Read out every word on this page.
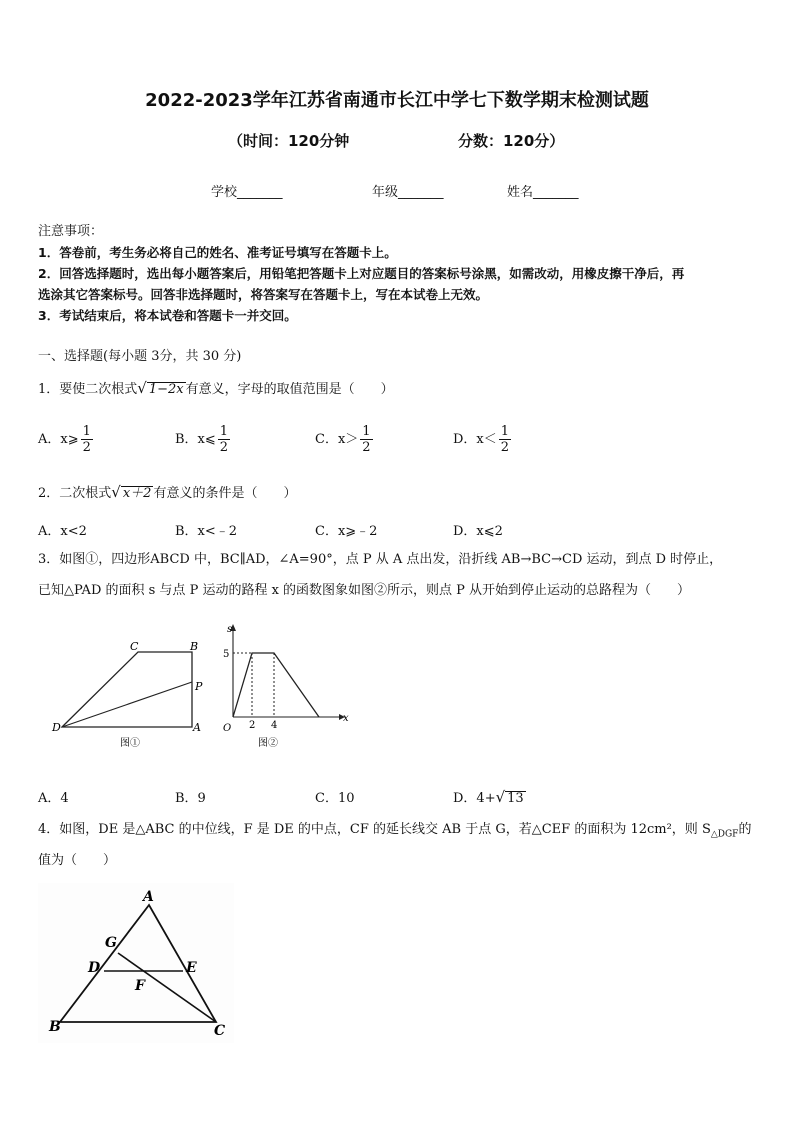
2022-2023学年江苏省南通市长江中学七下数学期末检测试题
（时间：120分钟	分数：120分）
学校_______	年级_______	姓名_______
注意事项：
1．答卷前，考生务必将自己的姓名、准考证号填写在答题卡上。
2．回答选择题时，选出每小题答案后，用铅笔把答题卡上对应题目的答案标号涂黑，如需改动，用橡皮擦干净后，再
选涂其它答案标号。回答非选择题时，将答案写在答题卡上，写在本试卷上无效。
3．考试结束后，将本试卷和答题卡一并交回。
一、选择题(每小题 3分，共 30 分)
1．要使二次根式√ 1−2x 有意义，字母的取值范围是（　　）
A．x⩾ $\frac{1}{2}$	B．x⩽ $\frac{1}{2}$	C．$x> \frac{1}{2}$	D．$x< \frac{1}{2}$
2．二次根式√ x＋2 有意义的条件是（　　）
A．x<2	B．x<﹣2	C．x⩾﹣2	D．x⩽2
3．如图①，四边形ABCD 中，BC∥AD，∠A=90°，点 P 从 A 点出发，沿折线 AB→BC→CD 运动，到点 D 时停止，
已知△PAD 的面积 s 与点 P 运动的路程 x 的函数图象如图②所示，则点 P 从开始到停止运动的总路程为（　　）
C	B
P
D	A
图①
s
5
O 2 4
x
图②
A．4	B．9	C．10	D．4+√ 13
4．如图，DE 是△ABC 的中位线，F 是 DE 的中点，CF 的延长线交 AB 于点 G，若△CEF 的面积为 12cm²，则 $S_{\triangle DGF}$的
值为（　　）
A
G
D	E
F
B	C
